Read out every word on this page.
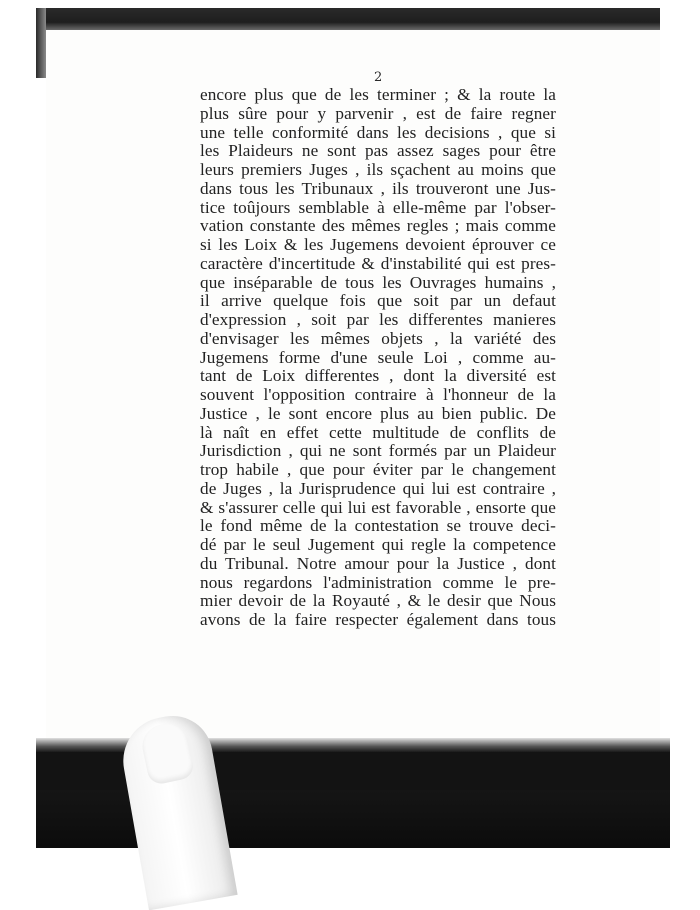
2
encore plus que de les terminer ; & la route la
plus sûre pour y parvenir , est de faire regner
une telle conformité dans les decisions , que si
les Plaideurs ne sont pas assez sages pour être
leurs premiers Juges , ils sçachent au moins que
dans tous les Tribunaux , ils trouveront une Jus-
tice toûjours semblable à elle-même par l'obser-
vation constante des mêmes regles ; mais comme
si les Loix & les Jugemens devoient éprouver ce
caractère d'incertitude & d'instabilité qui est pres-
que inséparable de tous les Ouvrages humains ,
il arrive quelque fois que soit par un defaut
d'expression , soit par les differentes manieres
d'envisager les mêmes objets , la variété des
Jugemens forme d'une seule Loi , comme au-
tant de Loix differentes , dont la diversité est
souvent l'opposition contraire à l'honneur de la
Justice , le sont encore plus au bien public. De
là naît en effet cette multitude de conflits de
Jurisdiction , qui ne sont formés par un Plaideur
trop habile , que pour éviter par le changement
de Juges , la Jurisprudence qui lui est contraire ,
& s'assurer celle qui lui est favorable , ensorte que
le fond même de la contestation se trouve deci-
dé par le seul Jugement qui regle la competence
du Tribunal. Notre amour pour la Justice , dont
nous regardons l'administration comme le pre-
mier devoir de la Royauté , & le desir que Nous
avons de la faire respecter également dans tous
